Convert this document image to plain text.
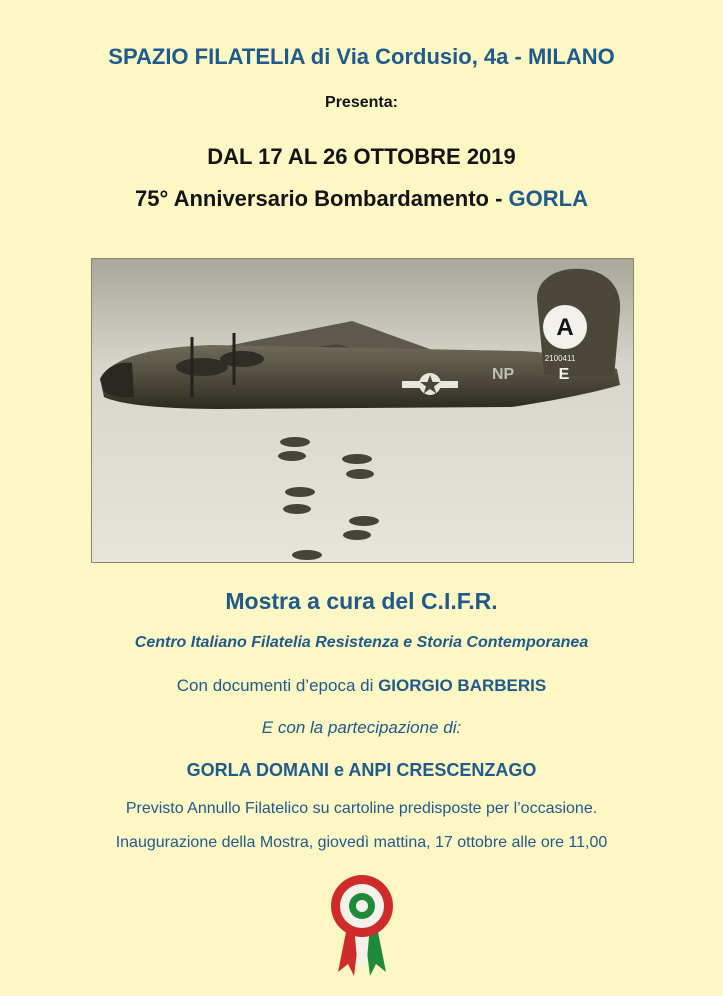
SPAZIO FILATELIA di Via Cordusio, 4a - MILANO
Presenta:
DAL 17 AL 26 OTTOBRE 2019
75° Anniversario Bombardamento - GORLA
A
2100411
E
NP
Mostra a cura del C.I.F.R.
Centro Italiano Filatelia Resistenza e Storia Contemporanea
Con documenti d’epoca di GIORGIO BARBERIS
E con la partecipazione di:
GORLA DOMANI e ANPI CRESCENZAGO
Previsto Annullo Filatelico su cartoline predisposte per l’occasione.
Inaugurazione della Mostra, giovedì mattina, 17 ottobre alle ore 11,00
